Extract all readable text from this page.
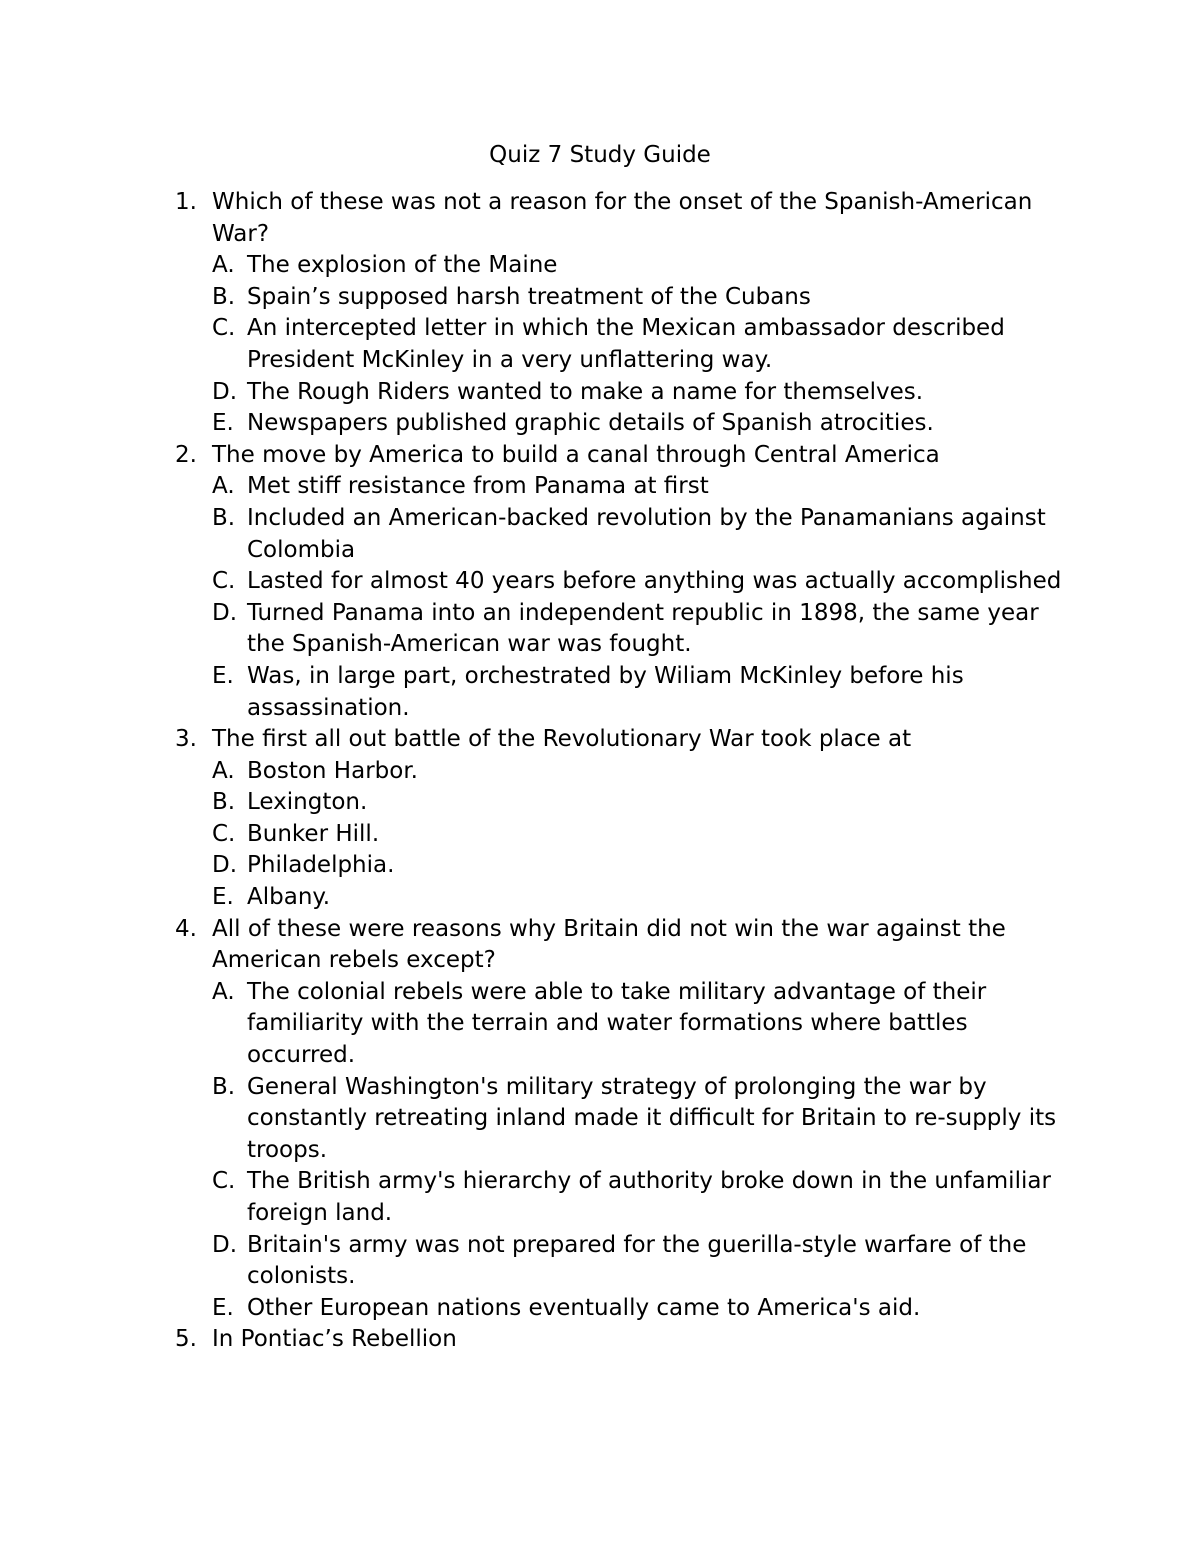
Quiz 7 Study Guide
1. Which of these was not a reason for the onset of the Spanish-American War?
A. The explosion of the Maine
B. Spain’s supposed harsh treatment of the Cubans
C. An intercepted letter in which the Mexican ambassador described President McKinley in a very unflattering way.
D. The Rough Riders wanted to make a name for themselves.
E. Newspapers published graphic details of Spanish atrocities.
2. The move by America to build a canal through Central America
A. Met stiff resistance from Panama at first
B. Included an American-backed revolution by the Panamanians against Colombia
C. Lasted for almost 40 years before anything was actually accomplished
D. Turned Panama into an independent republic in 1898, the same year the Spanish-American war was fought.
E. Was, in large part, orchestrated by Wiliam McKinley before his assassination.
3. The first all out battle of the Revolutionary War took place at
A. Boston Harbor.
B. Lexington.
C. Bunker Hill.
D. Philadelphia.
E. Albany.
4. All of these were reasons why Britain did not win the war against the American rebels except?
A. The colonial rebels were able to take military advantage of their familiarity with the terrain and water formations where battles occurred.
B. General Washington's military strategy of prolonging the war by constantly retreating inland made it difficult for Britain to re-supply its troops.
C. The British army's hierarchy of authority broke down in the unfamiliar foreign land.
D. Britain's army was not prepared for the guerilla-style warfare of the colonists.
E. Other European nations eventually came to America's aid.
5. In Pontiac’s Rebellion
